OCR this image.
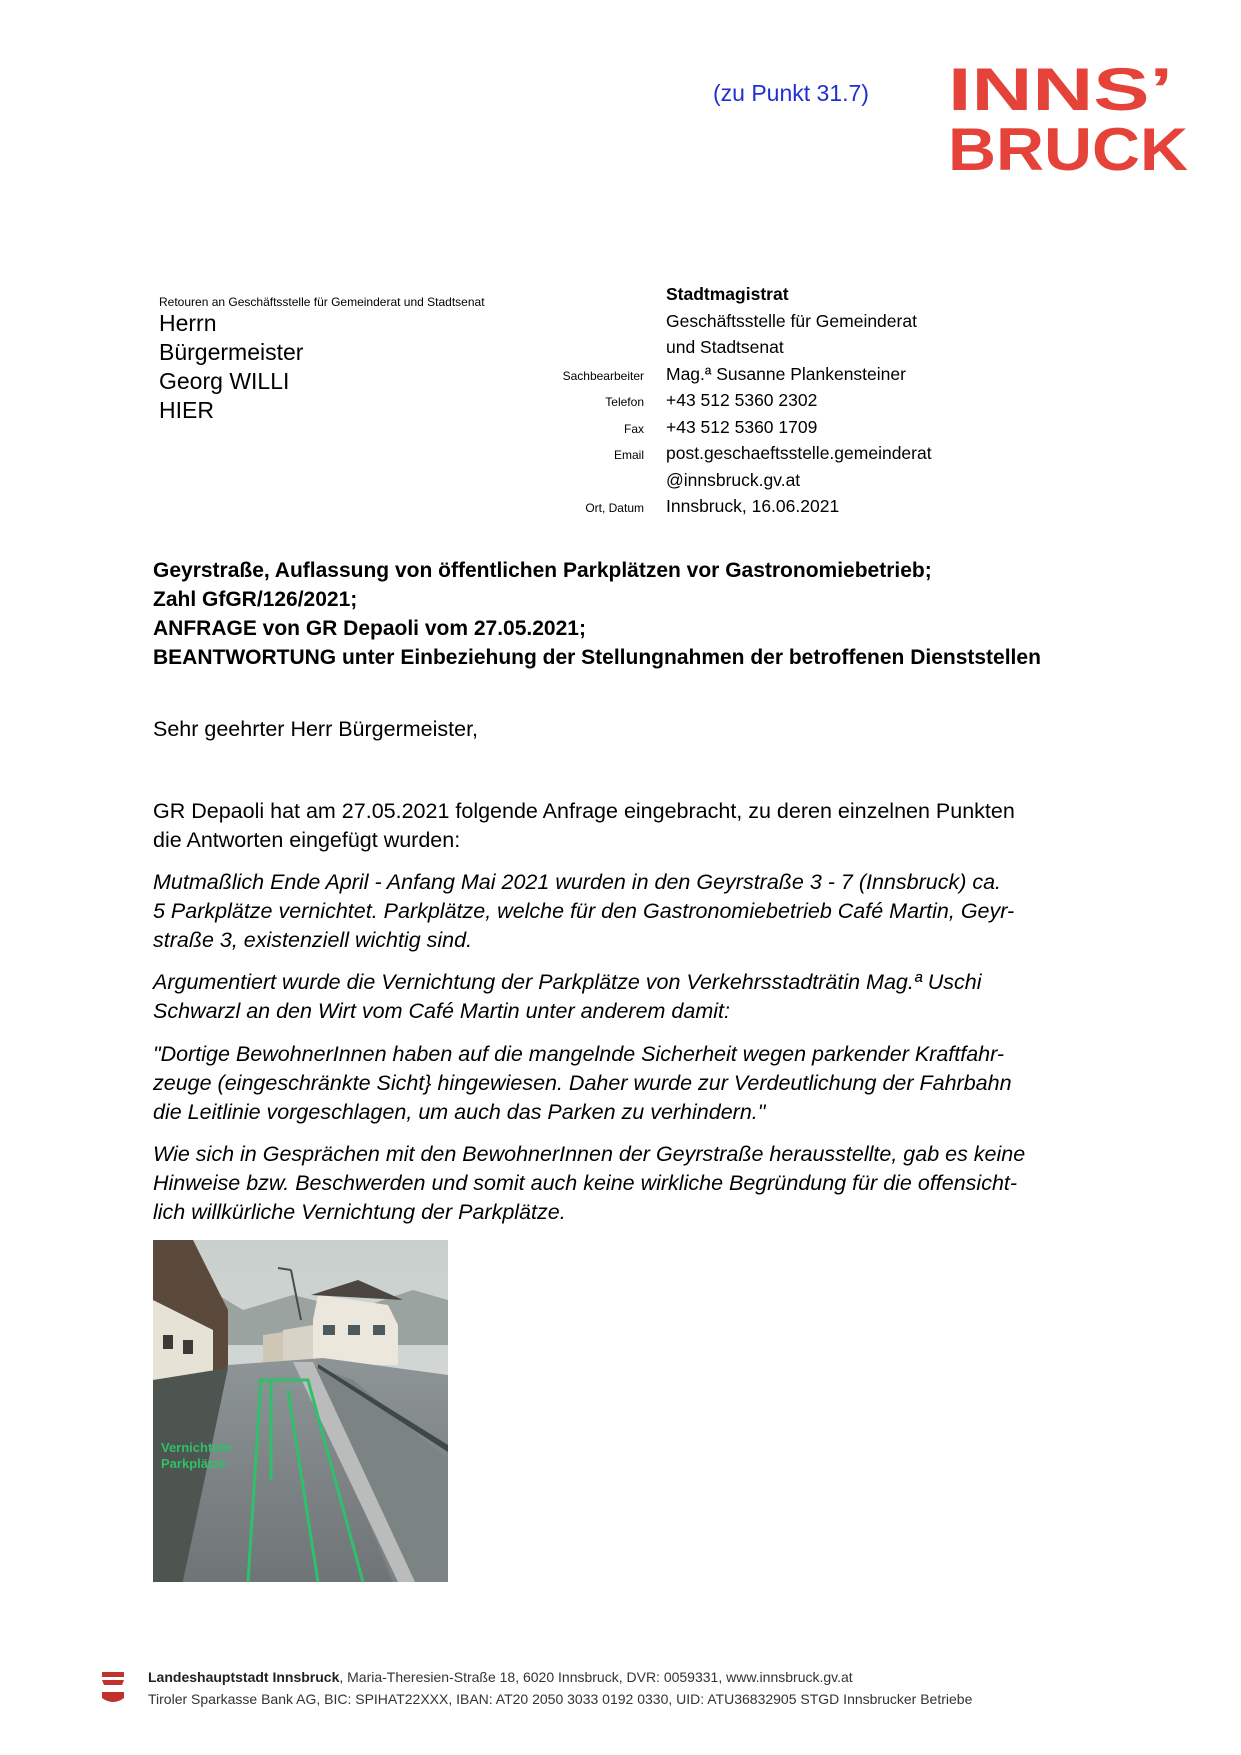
(zu Punkt 31.7) INNS’
BRUCK
Retouren an Geschäftsstelle für Gemeinderat und Stadtsenat
Herrn
Bürgermeister
Georg WILLI
HIER
Stadtmagistrat
Geschäftsstelle für Gemeinderat
und Stadtsenat
Sachbearbeiter	Mag.ª Susanne Plankensteiner
Telefon	+43 512 5360 2302
Fax	+43 512 5360 1709
Email	post.geschaeftsstelle.gemeinderat
@innsbruck.gv.at
Ort, Datum	Innsbruck, 16.06.2021
Geyrstraße, Auflassung von öffentlichen Parkplätzen vor Gastronomiebetrieb;
Zahl GfGR/126/2021;
ANFRAGE von GR Depaoli vom 27.05.2021;
BEANTWORTUNG unter Einbeziehung der Stellungnahmen der betroffenen Dienststellen
Sehr geehrter Herr Bürgermeister,
GR Depaoli hat am 27.05.2021 folgende Anfrage eingebracht, zu deren einzelnen Punkten
die Antworten eingefügt wurden:
Mutmaßlich Ende April - Anfang Mai 2021 wurden in den Geyrstraße 3 - 7 (Innsbruck) ca.
5 Parkplätze vernichtet. Parkplätze, welche für den Gastronomiebetrieb Café Martin, Geyr-
straße 3, existenziell wichtig sind.
Argumentiert wurde die Vernichtung der Parkplätze von Verkehrsstadträtin Mag.ª Uschi
Schwarzl an den Wirt vom Café Martin unter anderem damit:
"Dortige BewohnerInnen haben auf die mangelnde Sicherheit wegen parkender Kraftfahr-
zeuge (eingeschränkte Sicht} hingewiesen. Daher wurde zur Verdeutlichung der Fahrbahn
die Leitlinie vorgeschlagen, um auch das Parken zu verhindern."
Wie sich in Gesprächen mit den BewohnerInnen der Geyrstraße herausstellte, gab es keine
Hinweise bzw. Beschwerden und somit auch keine wirkliche Begründung für die offensicht-
lich willkürliche Vernichtung der Parkplätze.
Vernichtete
Parkplätze
Landeshauptstadt Innsbruck, Maria-Theresien-Straße 18, 6020 Innsbruck, DVR: 0059331, www.innsbruck.gv.at
Tiroler Sparkasse Bank AG, BIC: SPIHAT22XXX, IBAN: AT20 2050 3033 0192 0330, UID: ATU36832905 STGD Innsbrucker Betriebe
